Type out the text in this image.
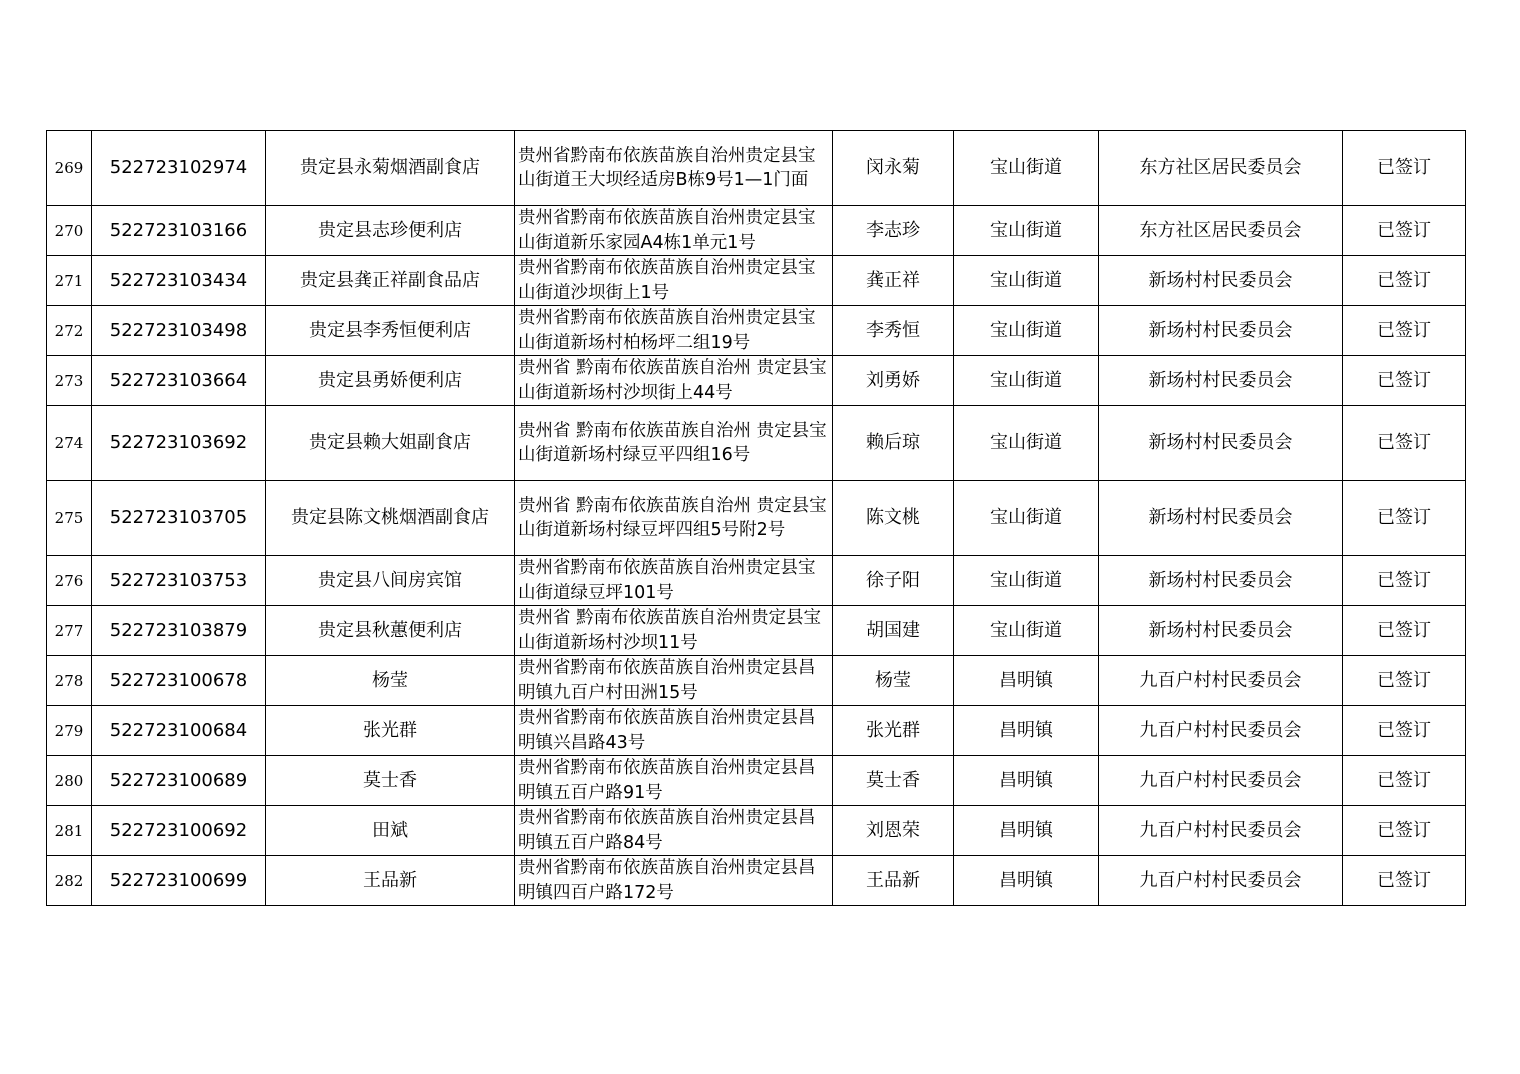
269	522723102974	贵定县永菊烟酒副食店	贵州省黔南布依族苗族自治州贵定县宝山街道王大坝经适房B栋9号1—1门面	闵永菊	宝山街道	东方社区居民委员会	已签订
270	522723103166	贵定县志珍便利店	贵州省黔南布依族苗族自治州贵定县宝山街道新乐家园A4栋1单元1号	李志珍	宝山街道	东方社区居民委员会	已签订
271	522723103434	贵定县龚正祥副食品店	贵州省黔南布依族苗族自治州贵定县宝山街道沙坝街上1号	龚正祥	宝山街道	新场村村民委员会	已签订
272	522723103498	贵定县李秀恒便利店	贵州省黔南布依族苗族自治州贵定县宝山街道新场村柏杨坪二组19号	李秀恒	宝山街道	新场村村民委员会	已签订
273	522723103664	贵定县勇娇便利店	贵州省 黔南布依族苗族自治州 贵定县宝山街道新场村沙坝街上44号	刘勇娇	宝山街道	新场村村民委员会	已签订
274	522723103692	贵定县赖大姐副食店	贵州省 黔南布依族苗族自治州 贵定县宝山街道新场村绿豆平四组16号	赖后琼	宝山街道	新场村村民委员会	已签订
275	522723103705	贵定县陈文桃烟酒副食店	贵州省 黔南布依族苗族自治州 贵定县宝山街道新场村绿豆坪四组5号附2号	陈文桃	宝山街道	新场村村民委员会	已签订
276	522723103753	贵定县八间房宾馆	贵州省黔南布依族苗族自治州贵定县宝山街道绿豆坪101号	徐子阳	宝山街道	新场村村民委员会	已签订
277	522723103879	贵定县秋蕙便利店	贵州省 黔南布依族苗族自治州贵定县宝山街道新场村沙坝11号	胡国建	宝山街道	新场村村民委员会	已签订
278	522723100678	杨莹	贵州省黔南布依族苗族自治州贵定县昌明镇九百户村田洲15号	杨莹	昌明镇	九百户村村民委员会	已签订
279	522723100684	张光群	贵州省黔南布依族苗族自治州贵定县昌明镇兴昌路43号	张光群	昌明镇	九百户村村民委员会	已签订
280	522723100689	莫士香	贵州省黔南布依族苗族自治州贵定县昌明镇五百户路91号	莫士香	昌明镇	九百户村村民委员会	已签订
281	522723100692	田斌	贵州省黔南布依族苗族自治州贵定县昌明镇五百户路84号	刘恩荣	昌明镇	九百户村村民委员会	已签订
282	522723100699	王品新	贵州省黔南布依族苗族自治州贵定县昌明镇四百户路172号	王品新	昌明镇	九百户村村民委员会	已签订
